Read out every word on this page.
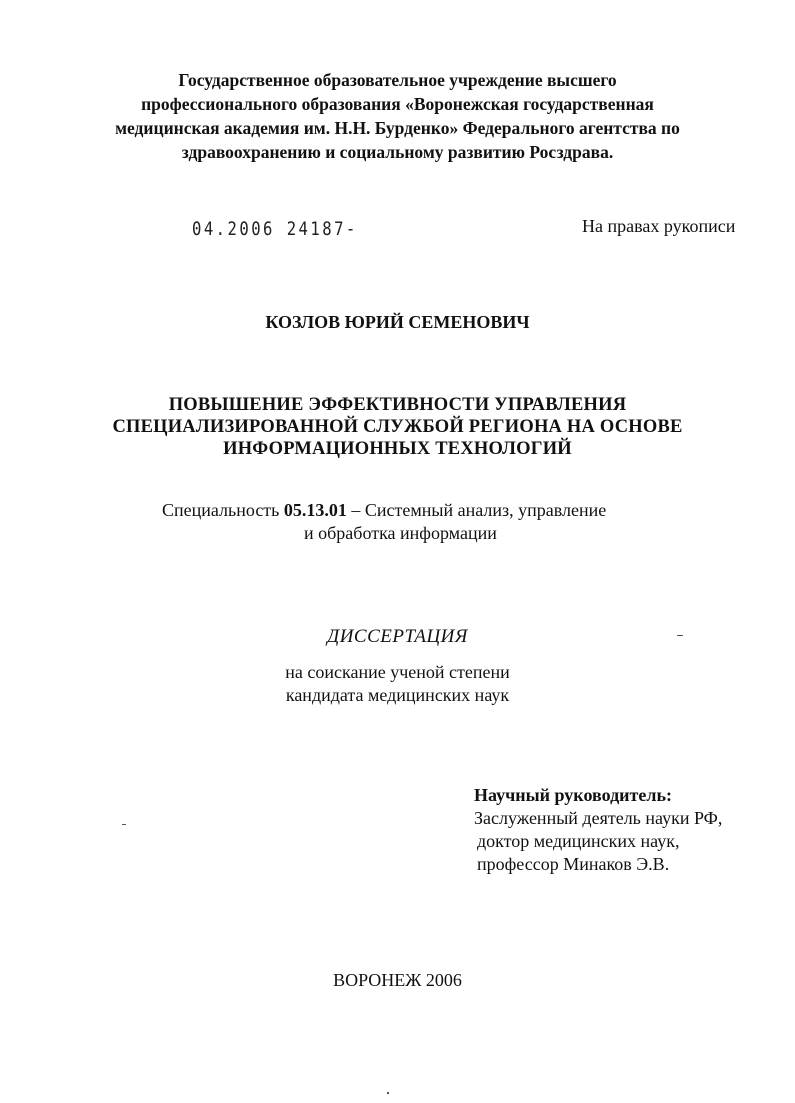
Государственное образовательное учреждение высшего
профессионального образования «Воронежская государственная
медицинская академия им. Н.Н. Бурденко» Федерального агентства по
здравоохранению и социальному развитию Росздрава.
04.2006 24187-	На правах рукописи
КОЗЛОВ ЮРИЙ СЕМЕНОВИЧ
ПОВЫШЕНИЕ ЭФФЕКТИВНОСТИ УПРАВЛЕНИЯ
СПЕЦИАЛИЗИРОВАННОЙ СЛУЖБОЙ РЕГИОНА НА ОСНОВЕ
ИНФОРМАЦИОННЫХ ТЕХНОЛОГИЙ
Специальность 05.13.01 – Системный анализ, управление
и обработка информации
ДИССЕРТАЦИЯ
на соискание ученой степени
кандидата медицинских наук
Научный руководитель:
Заслуженный деятель науки РФ,
доктор медицинских наук,
профессор Минаков Э.В.
ВОРОНЕЖ 2006
